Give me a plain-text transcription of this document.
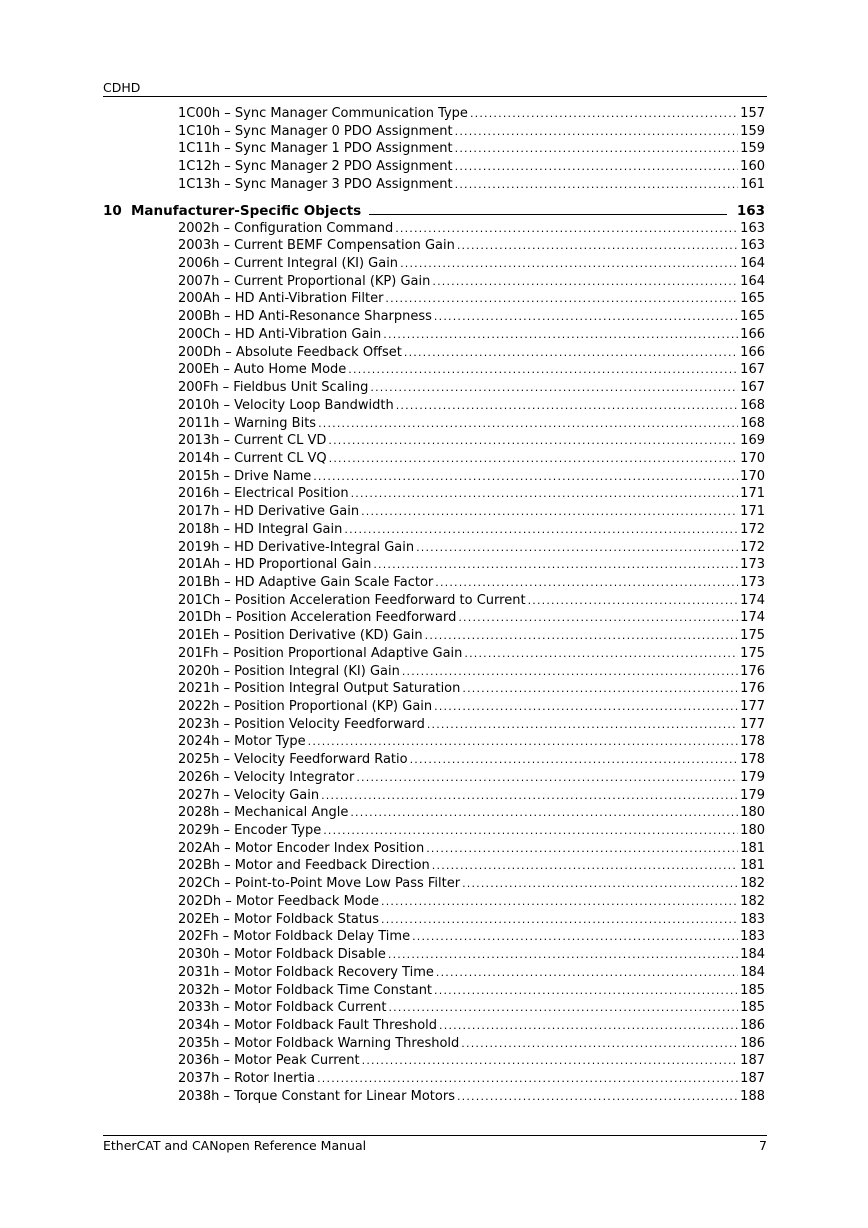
CDHD
1C00h – Sync Manager Communication Type .....	157
1C10h – Sync Manager 0 PDO Assignment .....	159
1C11h – Sync Manager 1 PDO Assignment .....	159
1C12h – Sync Manager 2 PDO Assignment .....	160
1C13h – Sync Manager 3 PDO Assignment .....	161
10 Manufacturer-Specific Objects	163
2002h – Configuration Command .....	163
2003h – Current BEMF Compensation Gain .....	163
2006h – Current Integral (KI) Gain .....	164
2007h – Current Proportional (KP) Gain .....	164
200Ah – HD Anti-Vibration Filter .....	165
200Bh – HD Anti-Resonance Sharpness .....	165
200Ch – HD Anti-Vibration Gain .....	166
200Dh – Absolute Feedback Offset .....	166
200Eh – Auto Home Mode .....	167
200Fh – Fieldbus Unit Scaling .....	167
2010h – Velocity Loop Bandwidth .....	168
2011h – Warning Bits .....	168
2013h – Current CL VD .....	169
2014h – Current CL VQ .....	170
2015h – Drive Name .....	170
2016h – Electrical Position .....	171
2017h – HD Derivative Gain .....	171
2018h – HD Integral Gain .....	172
2019h – HD Derivative-Integral Gain .....	172
201Ah – HD Proportional Gain .....	173
201Bh – HD Adaptive Gain Scale Factor .....	173
201Ch – Position Acceleration Feedforward to Current .....	174
201Dh – Position Acceleration Feedforward .....	174
201Eh – Position Derivative (KD) Gain .....	175
201Fh – Position Proportional Adaptive Gain .....	175
2020h – Position Integral (KI) Gain .....	176
2021h – Position Integral Output Saturation .....	176
2022h – Position Proportional (KP) Gain .....	177
2023h – Position Velocity Feedforward .....	177
2024h – Motor Type .....	178
2025h – Velocity Feedforward Ratio .....	178
2026h – Velocity Integrator .....	179
2027h – Velocity Gain .....	179
2028h – Mechanical Angle .....	180
2029h – Encoder Type .....	180
202Ah – Motor Encoder Index Position .....	181
202Bh – Motor and Feedback Direction .....	181
202Ch – Point-to-Point Move Low Pass Filter .....	182
202Dh – Motor Feedback Mode .....	182
202Eh – Motor Foldback Status .....	183
202Fh – Motor Foldback Delay Time .....	183
2030h – Motor Foldback Disable .....	184
2031h – Motor Foldback Recovery Time .....	184
2032h – Motor Foldback Time Constant .....	185
2033h – Motor Foldback Current .....	185
2034h – Motor Foldback Fault Threshold .....	186
2035h – Motor Foldback Warning Threshold .....	186
2036h – Motor Peak Current .....	187
2037h – Rotor Inertia .....	187
2038h – Torque Constant for Linear Motors .....	188
EtherCAT and CANopen Reference Manual	7
